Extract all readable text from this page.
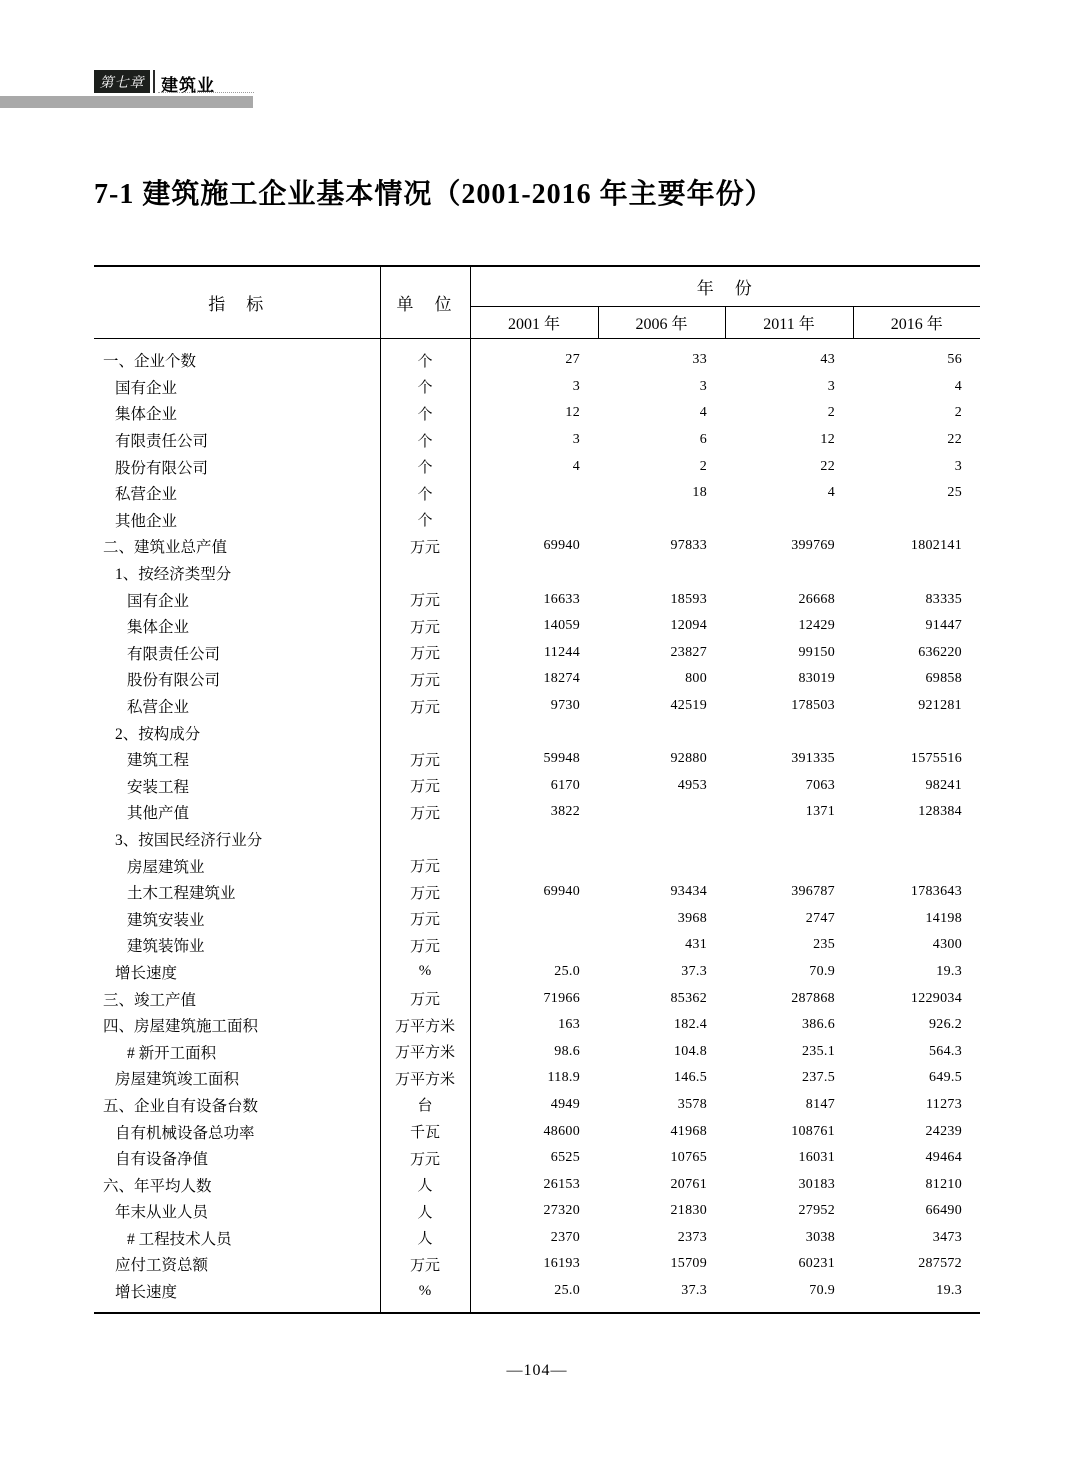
第七章 建筑业
7-1 建筑施工企业基本情况（2001-2016 年主要年份）
指　标	单　位	年　份			
		2001 年	2006 年	2011 年	2016 年

一、企业个数	个	27	33	43	56
国有企业	个	3	3	3	4
集体企业	个	12	4	2	2
有限责任公司	个	3	6	12	22
股份有限公司	个	4	2	22	3
私营企业	个		18	4	25
其他企业	个				
二、建筑业总产值	万元	69940	97833	399769	1802141
1、按经济类型分					
国有企业	万元	16633	18593	26668	83335
集体企业	万元	14059	12094	12429	91447
有限责任公司	万元	11244	23827	99150	636220
股份有限公司	万元	18274	800	83019	69858
私营企业	万元	9730	42519	178503	921281
2、按构成分					
建筑工程	万元	59948	92880	391335	1575516
安装工程	万元	6170	4953	7063	98241
其他产值	万元	3822		1371	128384
3、按国民经济行业分					
房屋建筑业	万元				
土木工程建筑业	万元	69940	93434	396787	1783643
建筑安装业	万元		3968	2747	14198
建筑装饰业	万元		431	235	4300
增长速度	%	25.0	37.3	70.9	19.3
三、竣工产值	万元	71966	85362	287868	1229034
四、房屋建筑施工面积	万平方米	163	182.4	386.6	926.2
# 新开工面积	万平方米	98.6	104.8	235.1	564.3
房屋建筑竣工面积	万平方米	118.9	146.5	237.5	649.5
五、企业自有设备台数	台	4949	3578	8147	11273
自有机械设备总功率	千瓦	48600	41968	108761	24239
自有设备净值	万元	6525	10765	16031	49464
六、年平均人数	人	26153	20761	30183	81210
年末从业人员	人	27320	21830	27952	66490
# 工程技术人员	人	2370	2373	3038	3473
应付工资总额	万元	16193	15709	60231	287572
增长速度	%	25.0	37.3	70.9	19.3

—104—
